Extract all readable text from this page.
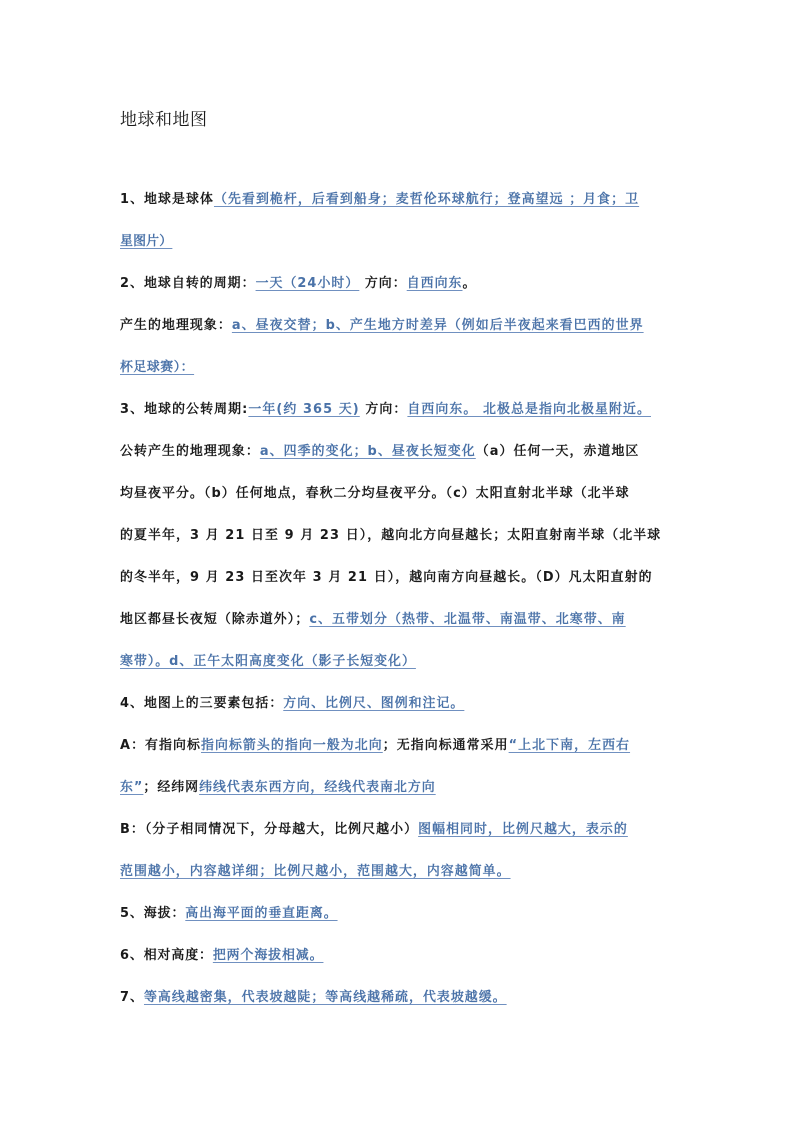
地球和地图
1、地球是球体（先看到桅杆，后看到船身；麦哲伦环球航行；登高望远 ；月食；卫
星图片）
2、地球自转的周期：一天（24小时） 方向：自西向东。
产生的地理现象：a、昼夜交替；b、产生地方时差异（例如后半夜起来看巴西的世界
杯足球赛）：
3、地球的公转周期:一年(约 365 天) 方向：自西向东。 北极总是指向北极星附近。
公转产生的地理现象：a、四季的变化；b、昼夜长短变化（a）任何一天，赤道地区
均昼夜平分。（b）任何地点，春秋二分均昼夜平分。（c）太阳直射北半球（北半球
的夏半年，3 月 21 日至 9 月 23 日），越向北方向昼越长；太阳直射南半球（北半球
的冬半年，9 月 23 日至次年 3 月 21 日），越向南方向昼越长。（D）凡太阳直射的
地区都昼长夜短（除赤道外）；c、五带划分（热带、北温带、南温带、北寒带、南
寒带）。d、正午太阳高度变化（影子长短变化）
4、地图上的三要素包括：方向、比例尺、图例和注记。
A：有指向标指向标箭头的指向一般为北向；无指向标通常采用“上北下南，左西右
东”；经纬网纬线代表东西方向，经线代表南北方向
B：（分子相同情况下，分母越大，比例尺越小）图幅相同时，比例尺越大，表示的
范围越小，内容越详细；比例尺越小，范围越大，内容越简单。
5、海拔：高出海平面的垂直距离。
6、相对高度：把两个海拔相减。
7、等高线越密集，代表坡越陡；等高线越稀疏，代表坡越缓。
